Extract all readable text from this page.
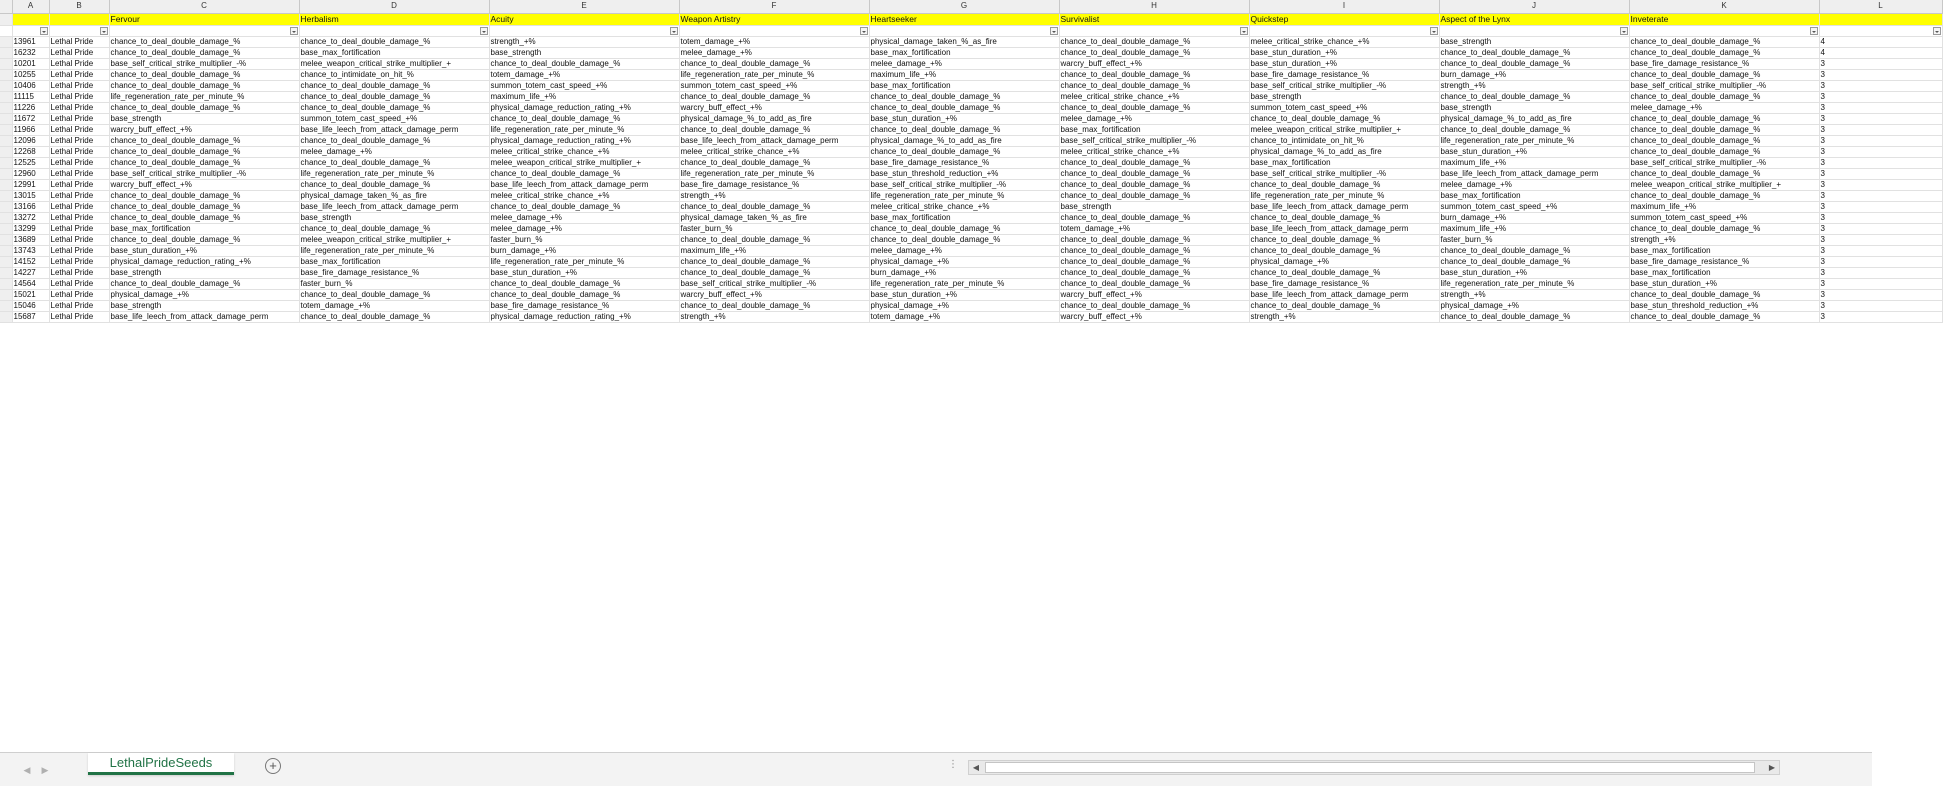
	A	B	C	D	E	F	G	H	I	J	K	L
			Fervour	Herbalism	Acuity	Weapon Artistry	Heartseeker	Survivalist	Quickstep	Aspect of the Lynx	Inveterate	

	13961	Lethal Pride	chance_to_deal_double_damage_%	chance_to_deal_double_damage_%	strength_+%	totem_damage_+%	physical_damage_taken_%_as_fire	chance_to_deal_double_damage_%	melee_critical_strike_chance_+%	base_strength	chance_to_deal_double_damage_%	4
	16232	Lethal Pride	chance_to_deal_double_damage_%	base_max_fortification	base_strength	melee_damage_+%	base_max_fortification	chance_to_deal_double_damage_%	base_stun_duration_+%	chance_to_deal_double_damage_%	chance_to_deal_double_damage_%	4
	10201	Lethal Pride	base_self_critical_strike_multiplier_-%	melee_weapon_critical_strike_multiplier_+	chance_to_deal_double_damage_%	chance_to_deal_double_damage_%	melee_damage_+%	warcry_buff_effect_+%	base_stun_duration_+%	chance_to_deal_double_damage_%	base_fire_damage_resistance_%	3
	10255	Lethal Pride	chance_to_deal_double_damage_%	chance_to_intimidate_on_hit_%	totem_damage_+%	life_regeneration_rate_per_minute_%	maximum_life_+%	chance_to_deal_double_damage_%	base_fire_damage_resistance_%	burn_damage_+%	chance_to_deal_double_damage_%	3
	10406	Lethal Pride	chance_to_deal_double_damage_%	chance_to_deal_double_damage_%	summon_totem_cast_speed_+%	summon_totem_cast_speed_+%	base_max_fortification	chance_to_deal_double_damage_%	base_self_critical_strike_multiplier_-%	strength_+%	base_self_critical_strike_multiplier_-%	3
	11115	Lethal Pride	life_regeneration_rate_per_minute_%	chance_to_deal_double_damage_%	maximum_life_+%	chance_to_deal_double_damage_%	chance_to_deal_double_damage_%	melee_critical_strike_chance_+%	base_strength	chance_to_deal_double_damage_%	chance_to_deal_double_damage_%	3
	11226	Lethal Pride	chance_to_deal_double_damage_%	chance_to_deal_double_damage_%	physical_damage_reduction_rating_+%	warcry_buff_effect_+%	chance_to_deal_double_damage_%	chance_to_deal_double_damage_%	summon_totem_cast_speed_+%	base_strength	melee_damage_+%	3
	11672	Lethal Pride	base_strength	summon_totem_cast_speed_+%	chance_to_deal_double_damage_%	physical_damage_%_to_add_as_fire	base_stun_duration_+%	melee_damage_+%	chance_to_deal_double_damage_%	physical_damage_%_to_add_as_fire	chance_to_deal_double_damage_%	3
	11966	Lethal Pride	warcry_buff_effect_+%	base_life_leech_from_attack_damage_perm	life_regeneration_rate_per_minute_%	chance_to_deal_double_damage_%	chance_to_deal_double_damage_%	base_max_fortification	melee_weapon_critical_strike_multiplier_+	chance_to_deal_double_damage_%	chance_to_deal_double_damage_%	3
	12096	Lethal Pride	chance_to_deal_double_damage_%	chance_to_deal_double_damage_%	physical_damage_reduction_rating_+%	base_life_leech_from_attack_damage_perm	physical_damage_%_to_add_as_fire	base_self_critical_strike_multiplier_-%	chance_to_intimidate_on_hit_%	life_regeneration_rate_per_minute_%	chance_to_deal_double_damage_%	3
	12268	Lethal Pride	chance_to_deal_double_damage_%	melee_damage_+%	melee_critical_strike_chance_+%	melee_critical_strike_chance_+%	chance_to_deal_double_damage_%	melee_critical_strike_chance_+%	physical_damage_%_to_add_as_fire	base_stun_duration_+%	chance_to_deal_double_damage_%	3
	12525	Lethal Pride	chance_to_deal_double_damage_%	chance_to_deal_double_damage_%	melee_weapon_critical_strike_multiplier_+	chance_to_deal_double_damage_%	base_fire_damage_resistance_%	chance_to_deal_double_damage_%	base_max_fortification	maximum_life_+%	base_self_critical_strike_multiplier_-%	3
	12960	Lethal Pride	base_self_critical_strike_multiplier_-%	life_regeneration_rate_per_minute_%	chance_to_deal_double_damage_%	life_regeneration_rate_per_minute_%	base_stun_threshold_reduction_+%	chance_to_deal_double_damage_%	base_self_critical_strike_multiplier_-%	base_life_leech_from_attack_damage_perm	chance_to_deal_double_damage_%	3
	12991	Lethal Pride	warcry_buff_effect_+%	chance_to_deal_double_damage_%	base_life_leech_from_attack_damage_perm	base_fire_damage_resistance_%	base_self_critical_strike_multiplier_-%	chance_to_deal_double_damage_%	chance_to_deal_double_damage_%	melee_damage_+%	melee_weapon_critical_strike_multiplier_+	3
	13015	Lethal Pride	chance_to_deal_double_damage_%	physical_damage_taken_%_as_fire	melee_critical_strike_chance_+%	strength_+%	life_regeneration_rate_per_minute_%	chance_to_deal_double_damage_%	life_regeneration_rate_per_minute_%	base_max_fortification	chance_to_deal_double_damage_%	3
	13166	Lethal Pride	chance_to_deal_double_damage_%	base_life_leech_from_attack_damage_perm	chance_to_deal_double_damage_%	chance_to_deal_double_damage_%	melee_critical_strike_chance_+%	base_strength	base_life_leech_from_attack_damage_perm	summon_totem_cast_speed_+%	maximum_life_+%	3
	13272	Lethal Pride	chance_to_deal_double_damage_%	base_strength	melee_damage_+%	physical_damage_taken_%_as_fire	base_max_fortification	chance_to_deal_double_damage_%	chance_to_deal_double_damage_%	burn_damage_+%	summon_totem_cast_speed_+%	3
	13299	Lethal Pride	base_max_fortification	chance_to_deal_double_damage_%	melee_damage_+%	faster_burn_%	chance_to_deal_double_damage_%	totem_damage_+%	base_life_leech_from_attack_damage_perm	maximum_life_+%	chance_to_deal_double_damage_%	3
	13689	Lethal Pride	chance_to_deal_double_damage_%	melee_weapon_critical_strike_multiplier_+	faster_burn_%	chance_to_deal_double_damage_%	chance_to_deal_double_damage_%	chance_to_deal_double_damage_%	chance_to_deal_double_damage_%	faster_burn_%	strength_+%	3
	13743	Lethal Pride	base_stun_duration_+%	life_regeneration_rate_per_minute_%	burn_damage_+%	maximum_life_+%	melee_damage_+%	chance_to_deal_double_damage_%	chance_to_deal_double_damage_%	chance_to_deal_double_damage_%	base_max_fortification	3
	14152	Lethal Pride	physical_damage_reduction_rating_+%	base_max_fortification	life_regeneration_rate_per_minute_%	chance_to_deal_double_damage_%	physical_damage_+%	chance_to_deal_double_damage_%	physical_damage_+%	chance_to_deal_double_damage_%	base_fire_damage_resistance_%	3
	14227	Lethal Pride	base_strength	base_fire_damage_resistance_%	base_stun_duration_+%	chance_to_deal_double_damage_%	burn_damage_+%	chance_to_deal_double_damage_%	chance_to_deal_double_damage_%	base_stun_duration_+%	base_max_fortification	3
	14564	Lethal Pride	chance_to_deal_double_damage_%	faster_burn_%	chance_to_deal_double_damage_%	base_self_critical_strike_multiplier_-%	life_regeneration_rate_per_minute_%	chance_to_deal_double_damage_%	base_fire_damage_resistance_%	life_regeneration_rate_per_minute_%	base_stun_duration_+%	3
	15021	Lethal Pride	physical_damage_+%	chance_to_deal_double_damage_%	chance_to_deal_double_damage_%	warcry_buff_effect_+%	base_stun_duration_+%	warcry_buff_effect_+%	base_life_leech_from_attack_damage_perm	strength_+%	chance_to_deal_double_damage_%	3
	15046	Lethal Pride	base_strength	totem_damage_+%	base_fire_damage_resistance_%	chance_to_deal_double_damage_%	physical_damage_+%	chance_to_deal_double_damage_%	chance_to_deal_double_damage_%	physical_damage_+%	base_stun_threshold_reduction_+%	3
	15687	Lethal Pride	base_life_leech_from_attack_damage_perm	chance_to_deal_double_damage_%	physical_damage_reduction_rating_+%	strength_+%	totem_damage_+%	warcry_buff_effect_+%	strength_+%	chance_to_deal_double_damage_%	chance_to_deal_double_damage_%	3
◀ ▶	LethalPrideSeeds	+	⋮	◀	▶
